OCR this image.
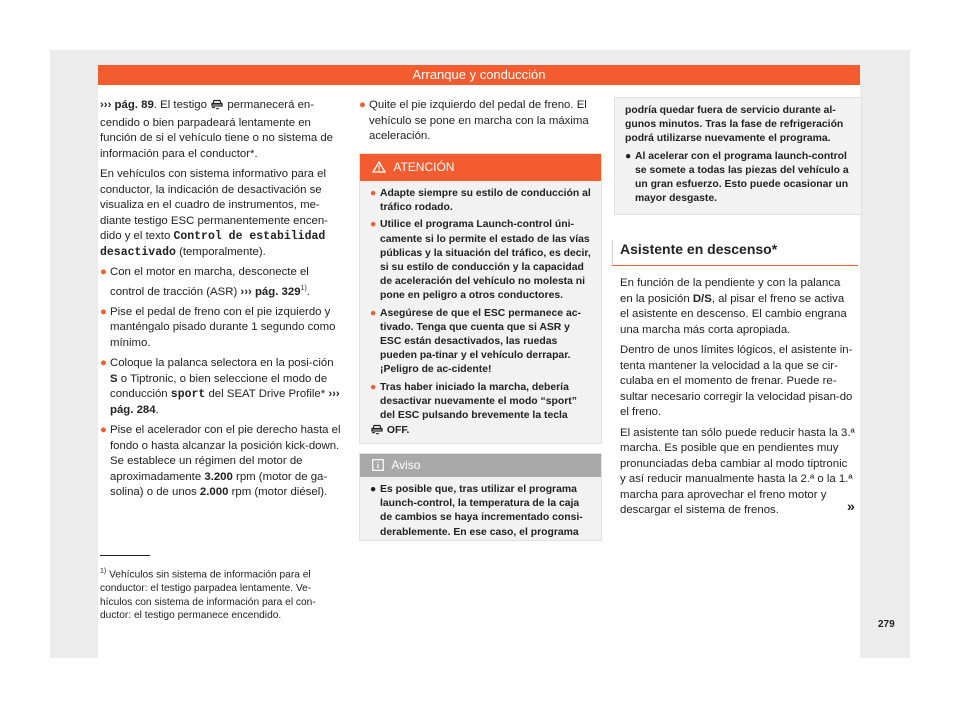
Arranque y conducción

››› pág. 89. El testigo  permanecerá en-cendido o bien parpadeará lentamente en función de si el vehículo tiene o no sistema de información para el conductor*.

En vehículos con sistema informativo para el conductor, la indicación de desactivación se visualiza en el cuadro de instrumentos, me-diante testigo ESC permanentemente encen-dido y el texto Control de estabilidad desactivado (temporalmente).

● Con el motor en marcha, desconecte el control de tracción (ASR) ››› pág. 329$^{1)}$.

● Pise el pedal de freno con el pie izquierdo y manténgalo pisado durante 1 segundo como mínimo.

● Coloque la palanca selectora en la posi-ción S o Tiptronic, o bien seleccione el modo de conducción sport del SEAT Drive Profile* ››› pág. 284.

● Pise el acelerador con el pie derecho hasta el fondo o hasta alcanzar la posición kick-down. Se establece un régimen del motor de aproximadamente 3.200 rpm (motor de ga-solina) o de unos 2.000 rpm (motor diésel).

● Quite el pie izquierdo del pedal de freno. El vehículo se pone en marcha con la máxima aceleración.

ATENCIÓN

● Adapte siempre su estilo de conducción al tráfico rodado.

● Utilice el programa Launch-control úni-camente si lo permite el estado de las vías públicas y la situación del tráfico, es decir, si su estilo de conducción y la capacidad de aceleración del vehículo no molesta ni pone en peligro a otros conductores.

● Asegúrese de que el ESC permanece ac-tivado. Tenga que cuenta que si ASR y ESC están desactivados, las ruedas pueden pa-tinar y el vehículo derrapar. ¡Peligro de ac-cidente!

● Tras haber iniciado la marcha, debería desactivar nuevamente el modo “sport” del ESC pulsando brevemente la tecla
OFF.

Aviso

● Es posible que, tras utilizar el programa launch-control, la temperatura de la caja de cambios se haya incrementado consi-derablemente. En ese caso, el programa

podría quedar fuera de servicio durante al-gunos minutos. Tras la fase de refrigeración podrá utilizarse nuevamente el programa.

● Al acelerar con el programa launch-control se somete a todas las piezas del vehículo a un gran esfuerzo. Esto puede ocasionar un mayor desgaste.

Asistente en descenso*

En función de la pendiente y con la palanca en la posición D/S, al pisar el freno se activa el asistente en descenso. El cambio engrana una marcha más corta apropiada.

Dentro de unos límites lógicos, el asistente in-tenta mantener la velocidad a la que se cir-culaba en el momento de frenar. Puede re-sultar necesario corregir la velocidad pisan-do el freno.

El asistente tan sólo puede reducir hasta la 3.ª marcha. Es posible que en pendientes muy pronunciadas deba cambiar al modo tiptronic y así reducir manualmente hasta la 2.ª o la 1.ª marcha para aprovechar el freno motor y descargar el sistema de frenos.	»
$^{1)}$ Vehículos sin sistema de información para el conductor: el testigo parpadea lentamente. Ve-hículos con sistema de información para el con-ductor: el testigo permanece encendido.
279
